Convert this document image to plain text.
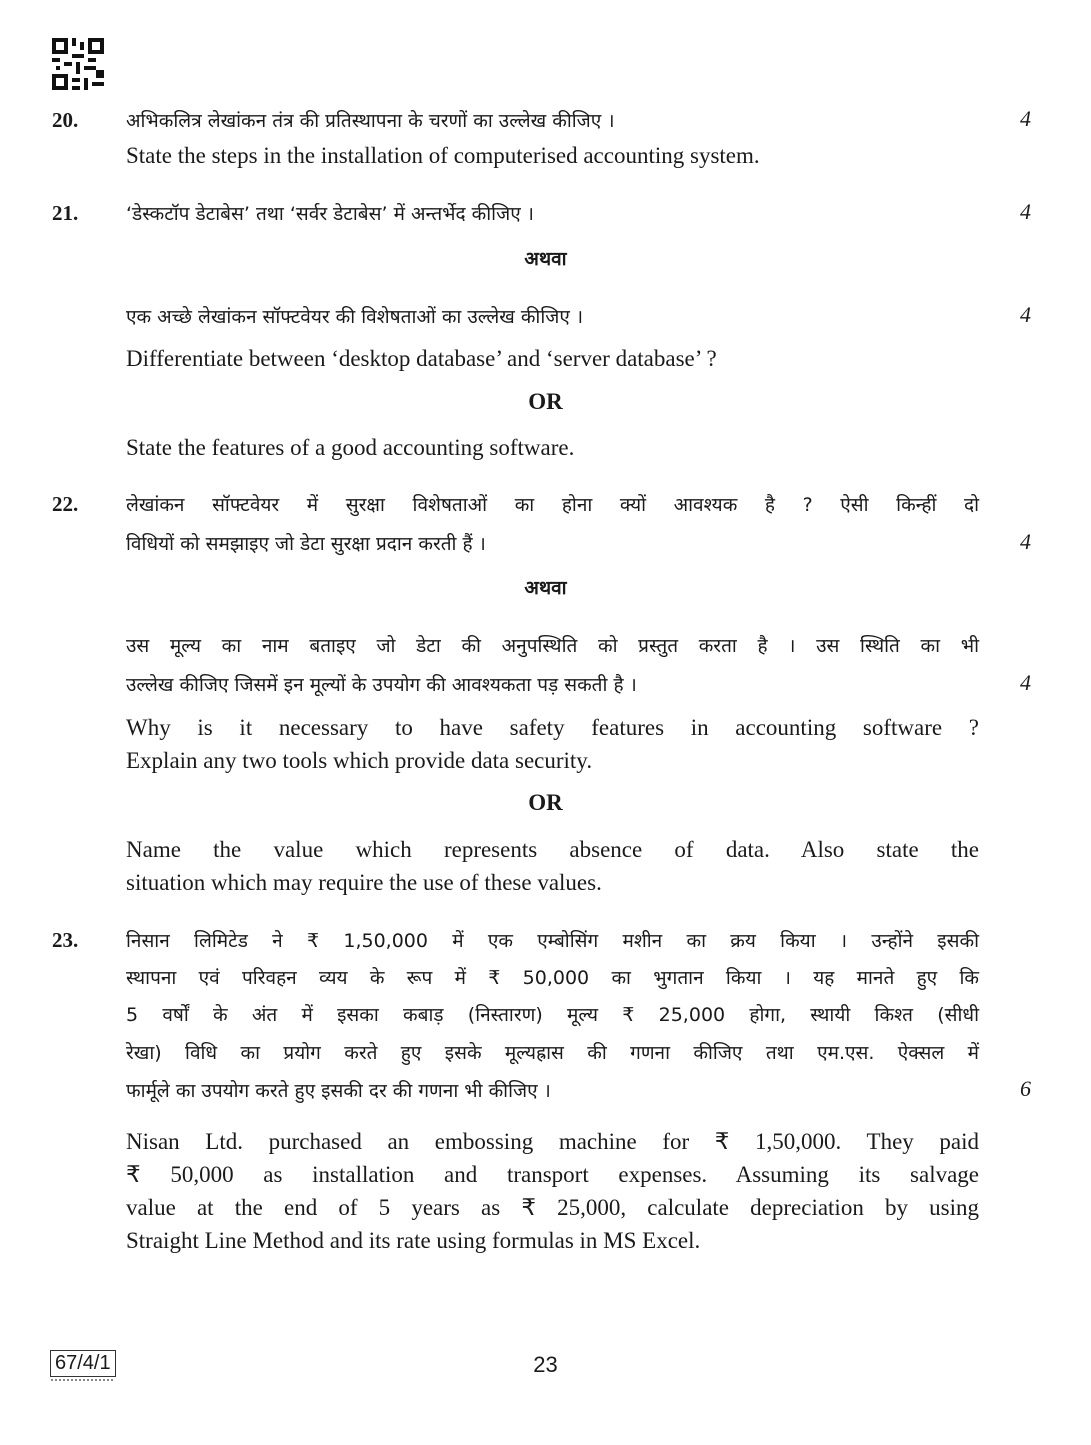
20.	अभिकलित्र लेखांकन तंत्र की प्रतिस्थापना के चरणों का उल्लेख कीजिए ।	4
State the steps in the installation of computerised accounting system.
21.	‘डेस्कटॉप डेटाबेस’ तथा ‘सर्वर डेटाबेस’ में अन्तर्भेद कीजिए ।	4
अथवा
एक अच्छे लेखांकन सॉफ्टवेयर की विशेषताओं का उल्लेख कीजिए ।	4
Differentiate between ‘desktop database’ and ‘server database’ ?
OR
State the features of a good accounting software.
22.	लेखांकन सॉफ्टवेयर में सुरक्षा विशेषताओं का होना क्यों आवश्यक है ? ऐसी किन्हीं दो
विधियों को समझाइए जो डेटा सुरक्षा प्रदान करती हैं ।	4
अथवा
उस मूल्य का नाम बताइए जो डेटा की अनुपस्थिति को प्रस्तुत करता है । उस स्थिति का भी
उल्लेख कीजिए जिसमें इन मूल्यों के उपयोग की आवश्यकता पड़ सकती है ।	4
Why is it necessary to have safety features in accounting software ?
Explain any two tools which provide data security.
OR
Name the value which represents absence of data. Also state the
situation which may require the use of these values.
23.	निसान लिमिटेड ने ₹ 1,50,000 में एक एम्बोसिंग मशीन का क्रय किया । उन्होंने इसकी
स्थापना एवं परिवहन व्यय के रूप में ₹ 50,000 का भुगतान किया । यह मानते हुए कि
5 वर्षों के अंत में इसका कबाड़ (निस्तारण) मूल्य ₹ 25,000 होगा, स्थायी किश्त (सीधी
रेखा) विधि का प्रयोग करते हुए इसके मूल्यह्रास की गणना कीजिए तथा एम.एस. ऐक्सल में
फार्मूले का उपयोग करते हुए इसकी दर की गणना भी कीजिए ।	6
Nisan Ltd. purchased an embossing machine for ₹ 1,50,000. They paid
₹ 50,000 as installation and transport expenses. Assuming its salvage
value at the end of 5 years as ₹ 25,000, calculate depreciation by using
Straight Line Method and its rate using formulas in MS Excel.
67/4/1	23
